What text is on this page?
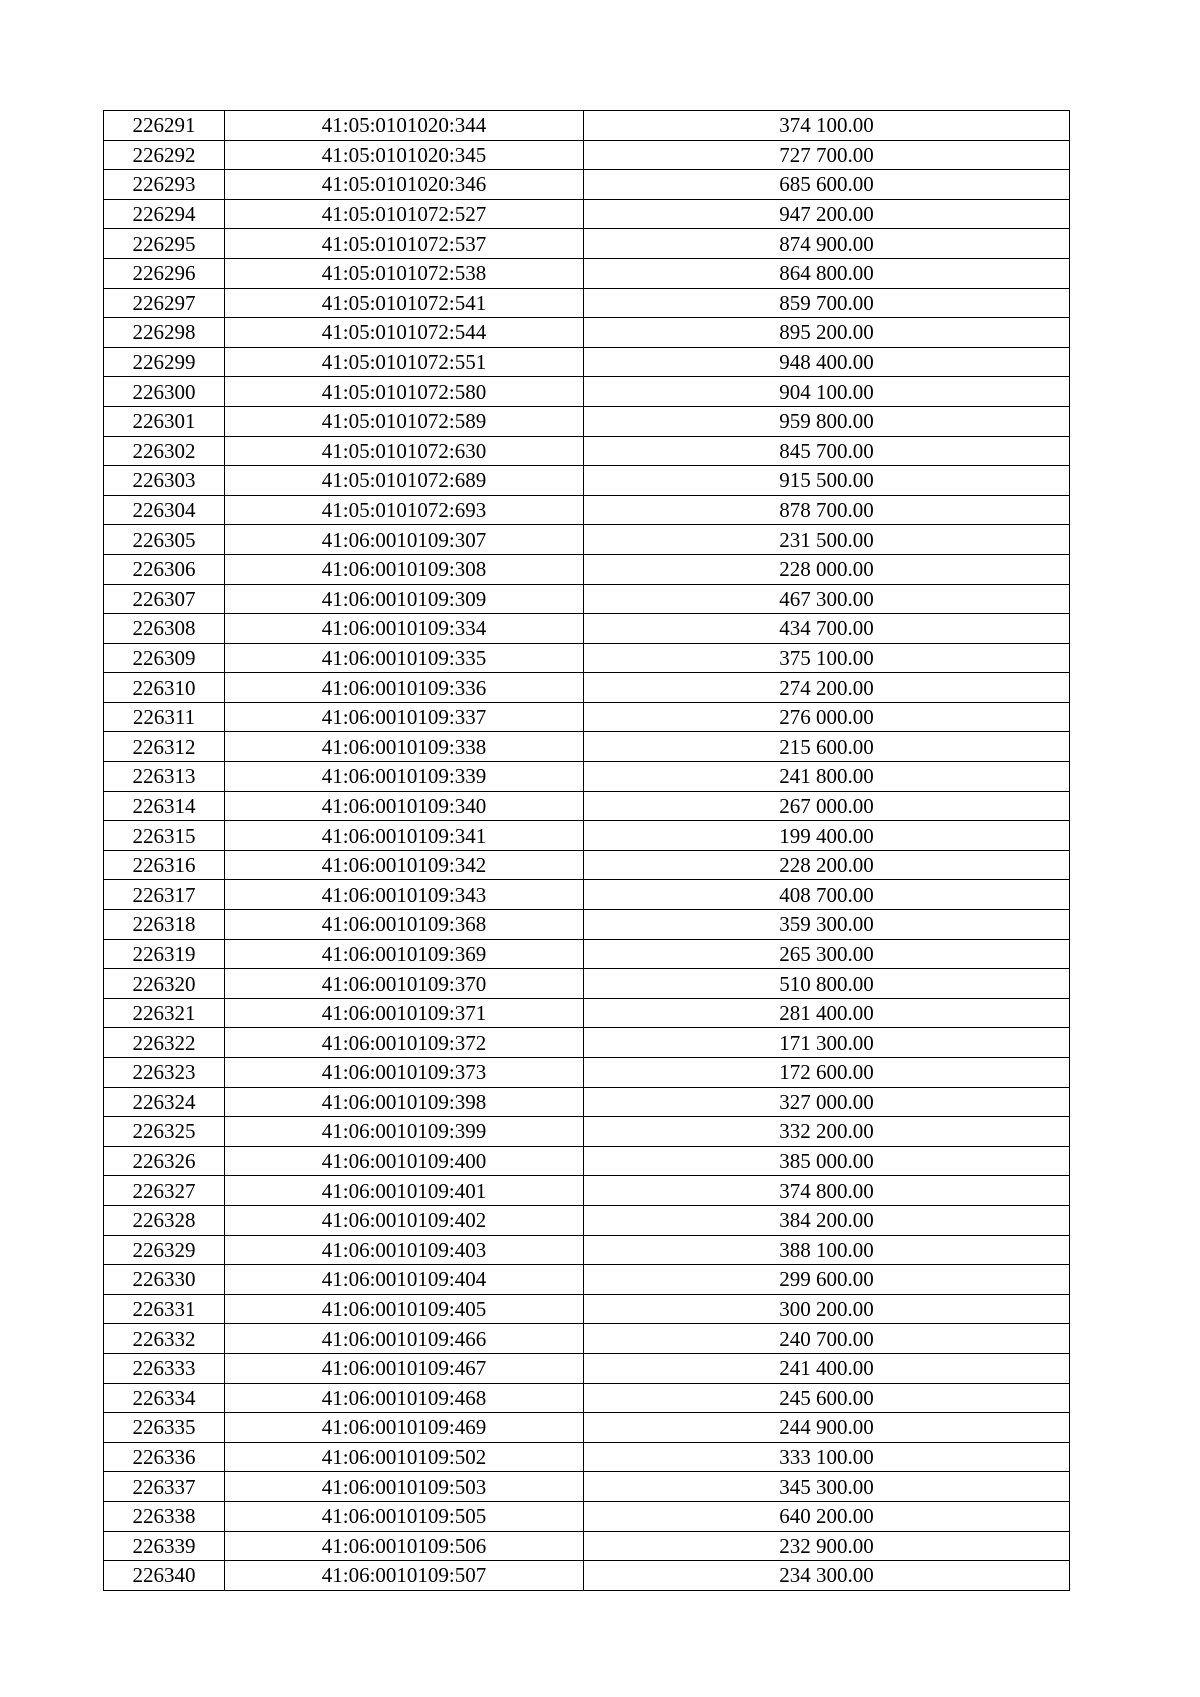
226291	41:05:0101020:344	374 100.00
226292	41:05:0101020:345	727 700.00
226293	41:05:0101020:346	685 600.00
226294	41:05:0101072:527	947 200.00
226295	41:05:0101072:537	874 900.00
226296	41:05:0101072:538	864 800.00
226297	41:05:0101072:541	859 700.00
226298	41:05:0101072:544	895 200.00
226299	41:05:0101072:551	948 400.00
226300	41:05:0101072:580	904 100.00
226301	41:05:0101072:589	959 800.00
226302	41:05:0101072:630	845 700.00
226303	41:05:0101072:689	915 500.00
226304	41:05:0101072:693	878 700.00
226305	41:06:0010109:307	231 500.00
226306	41:06:0010109:308	228 000.00
226307	41:06:0010109:309	467 300.00
226308	41:06:0010109:334	434 700.00
226309	41:06:0010109:335	375 100.00
226310	41:06:0010109:336	274 200.00
226311	41:06:0010109:337	276 000.00
226312	41:06:0010109:338	215 600.00
226313	41:06:0010109:339	241 800.00
226314	41:06:0010109:340	267 000.00
226315	41:06:0010109:341	199 400.00
226316	41:06:0010109:342	228 200.00
226317	41:06:0010109:343	408 700.00
226318	41:06:0010109:368	359 300.00
226319	41:06:0010109:369	265 300.00
226320	41:06:0010109:370	510 800.00
226321	41:06:0010109:371	281 400.00
226322	41:06:0010109:372	171 300.00
226323	41:06:0010109:373	172 600.00
226324	41:06:0010109:398	327 000.00
226325	41:06:0010109:399	332 200.00
226326	41:06:0010109:400	385 000.00
226327	41:06:0010109:401	374 800.00
226328	41:06:0010109:402	384 200.00
226329	41:06:0010109:403	388 100.00
226330	41:06:0010109:404	299 600.00
226331	41:06:0010109:405	300 200.00
226332	41:06:0010109:466	240 700.00
226333	41:06:0010109:467	241 400.00
226334	41:06:0010109:468	245 600.00
226335	41:06:0010109:469	244 900.00
226336	41:06:0010109:502	333 100.00
226337	41:06:0010109:503	345 300.00
226338	41:06:0010109:505	640 200.00
226339	41:06:0010109:506	232 900.00
226340	41:06:0010109:507	234 300.00
